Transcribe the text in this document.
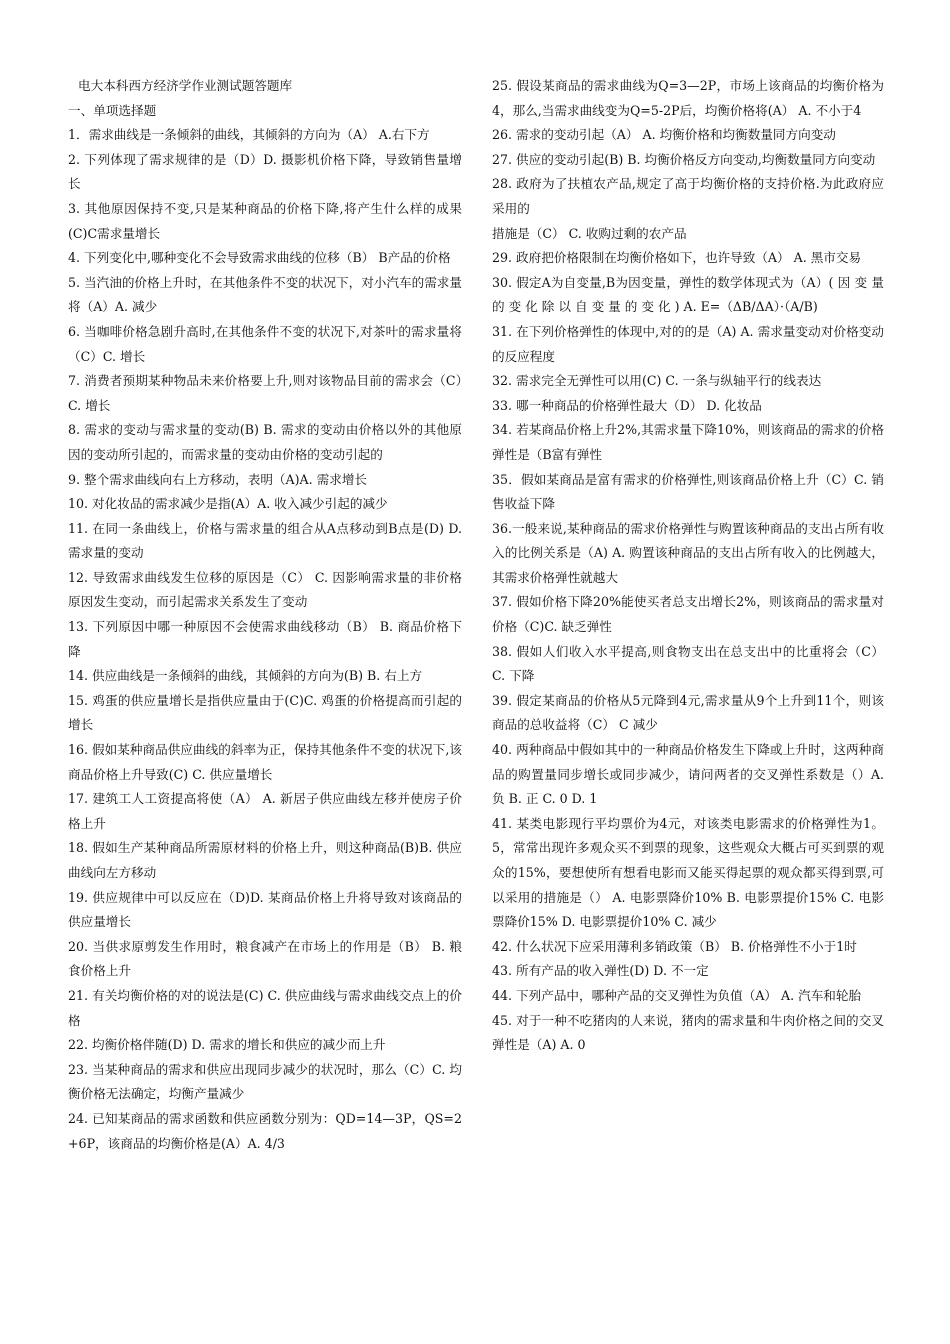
电大本科西方经济学作业测试题答题库
一、单项选择题
1．需求曲线是一条倾斜的曲线，其倾斜的方向为（A） A.右下方
2. 下列体现了需求规律的是（D）D. 摄影机价格下降，导致销售量增长
3. 其他原因保持不变,只是某种商品的价格下降,将产生什么样的成果(C)C需求量增长
4. 下列变化中,哪种变化不会导致需求曲线的位移（B） B产品的价格
5. 当汽油的价格上升时，在其他条件不变的状况下，对小汽车的需求量将（A）A. 减少
6. 当咖啡价格急剧升高时,在其他条件不变的状况下,对茶叶的需求量将（C）C. 增长
7. 消费者预期某种物品未来价格要上升,则对该物品目前的需求会（C）C. 增长
8. 需求的变动与需求量的变动(B) B. 需求的变动由价格以外的其他原因的变动所引起的，而需求量的变动由价格的变动引起的
9. 整个需求曲线向右上方移动，表明（A)A. 需求增长
10. 对化妆品的需求减少是指(A）A. 收入减少引起的减少
11. 在同一条曲线上，价格与需求量的组合从A点移动到B点是(D) D. 需求量的变动
12. 导致需求曲线发生位移的原因是（C） C. 因影响需求量的非价格原因发生变动，而引起需求关系发生了变动
13. 下列原因中哪一种原因不会使需求曲线移动（B） B. 商品价格下降
14. 供应曲线是一条倾斜的曲线，其倾斜的方向为(B) B. 右上方
15. 鸡蛋的供应量增长是指供应量由于(C)C. 鸡蛋的价格提高而引起的增长
16. 假如某种商品供应曲线的斜率为正，保持其他条件不变的状况下,该商品价格上升导致(C) C. 供应量增长
17. 建筑工人工资提高将使（A） A. 新居子供应曲线左移并使房子价格上升
18. 假如生产某种商品所需原材料的价格上升，则这种商品(B)B. 供应曲线向左方移动
19. 供应规律中可以反应在（D)D. 某商品价格上升将导致对该商品的供应量增长
20. 当供求原剪发生作用时，粮食减产在市场上的作用是（B） B. 粮食价格上升
21. 有关均衡价格的对的说法是(C) C. 供应曲线与需求曲线交点上的价格
22. 均衡价格伴随(D) D. 需求的增长和供应的减少而上升
23. 当某种商品的需求和供应出现同步减少的状况时，那么（C）C. 均衡价格无法确定，均衡产量减少
24. 已知某商品的需求函数和供应函数分别为：QD=14—3P，QS=2+6P，该商品的均衡价格是(A）A. 4/3
25. 假设某商品的需求曲线为Q=3—2P，市场上该商品的均衡价格为4，那么,当需求曲线变为Q=5-2P后，均衡价格将(A） A. 不小于4
26. 需求的变动引起（A） A. 均衡价格和均衡数量同方向变动
27. 供应的变动引起(B) B. 均衡价格反方向变动,均衡数量同方向变动
28. 政府为了扶植农产品,规定了高于均衡价格的支持价格.为此政府应采用的
措施是（C） C. 收购过剩的农产品
29. 政府把价格限制在均衡价格如下，也许导致（A） A. 黑市交易
30. 假定A为自变量,B为因变量，弹性的数学体现式为（A）( 因 变 量 的 变 化 除 以 自 变 量 的 变 化 ) A. E=（ΔB/ΔA）·（A/B)
31. 在下列价格弹性的体现中,对的的是（A) A. 需求量变动对价格变动的反应程度
32. 需求完全无弹性可以用(C) C. 一条与纵轴平行的线表达
33. 哪一种商品的价格弹性最大（D） D. 化妆品
34. 若某商品价格上升2%,其需求量下降10%，则该商品的需求的价格弹性是（B富有弹性
35．假如某商品是富有需求的价格弹性,则该商品价格上升（C）C. 销售收益下降
36.一般来说,某种商品的需求价格弹性与购置该种商品的支出占所有收入的比例关系是（A) A. 购置该种商品的支出占所有收入的比例越大，其需求价格弹性就越大
37. 假如价格下降20%能使买者总支出增长2%，则该商品的需求量对价格（C)C. 缺乏弹性
38. 假如人们收入水平提高,则食物支出在总支出中的比重将会（C） C. 下降
39. 假定某商品的价格从5元降到4元,需求量从9个上升到11个，则该商品的总收益将（C） C 减少
40. 两种商品中假如其中的一种商品价格发生下降或上升时，这两种商品的购置量同步增长或同步减少，请问两者的交叉弹性系数是（）A. 负 B. 正 C. 0 D. 1
41. 某类电影现行平均票价为4元，对该类电影需求的价格弹性为1。5，常常出现许多观众买不到票的现象，这些观众大概占可买到票的观众的15%，要想使所有想看电影而又能买得起票的观众都买得到票,可以采用的措施是（） A. 电影票降价10% B. 电影票提价15% C. 电影票降价15% D. 电影票提价10% C. 减少
42. 什么状况下应采用薄利多销政策（B） B. 价格弹性不小于1时
43. 所有产品的收入弹性(D) D. 不一定
44. 下列产品中，哪种产品的交叉弹性为负值（A） A. 汽车和轮胎
45. 对于一种不吃猪肉的人来说，猪肉的需求量和牛肉价格之间的交叉弹性是（A) A. 0
